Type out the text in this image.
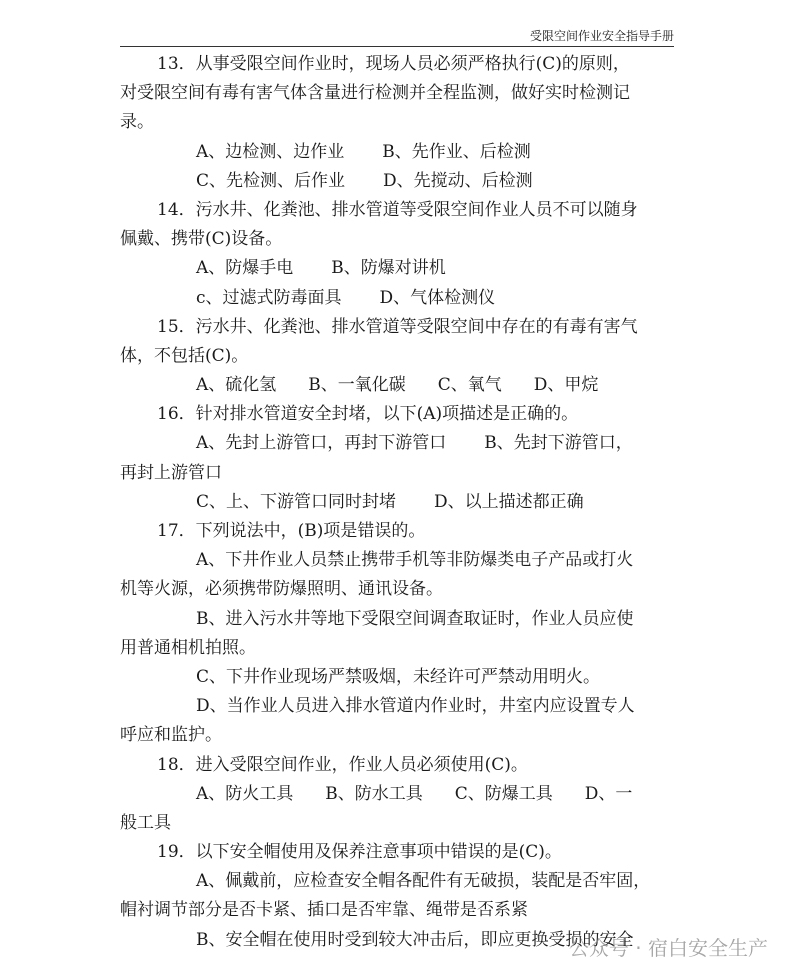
受限空间作业安全指导手册
13．从事受限空间作业时，现场人员必须严格执行(C)的原则，
对受限空间有毒有害气体含量进行检测并全程监测，做好实时检测记
录。
A、边检测、边作业 B、先作业、后检测
C、先检测、后作业 D、先搅动、后检测
14．污水井、化粪池、排水管道等受限空间作业人员不可以随身
佩戴、携带(C)设备。
A、防爆手电 B、防爆对讲机
c、过滤式防毒面具 D、气体检测仪
15．污水井、化粪池、排水管道等受限空间中存在的有毒有害气
体，不包括(C)。
A、硫化氢 B、一氧化碳 C、氧气 D、甲烷
16．针对排水管道安全封堵，以下(A)项描述是正确的。
A、先封上游管口，再封下游管口 B、先封下游管口，
再封上游管口
C、上、下游管口同时封堵 D、以上描述都正确
17．下列说法中，(B)项是错误的。
A、下井作业人员禁止携带手机等非防爆类电子产品或打火
机等火源，必须携带防爆照明、通讯设备。
B、进入污水井等地下受限空间调查取证时，作业人员应使
用普通相机拍照。
C、下井作业现场严禁吸烟，未经许可严禁动用明火。
D、当作业人员进入排水管道内作业时，井室内应设置专人
呼应和监护。
18．进入受限空间作业，作业人员必须使用(C)。
A、防火工具 B、防水工具 C、防爆工具 D、一
般工具
19．以下安全帽使用及保养注意事项中错误的是(C)。
A、佩戴前，应检查安全帽各配件有无破损，装配是否牢固，
帽衬调节部分是否卡紧、插口是否牢靠、绳带是否系紧
B、安全帽在使用时受到较大冲击后，即应更换受损的安全
公众号 · 宿白安全生产
